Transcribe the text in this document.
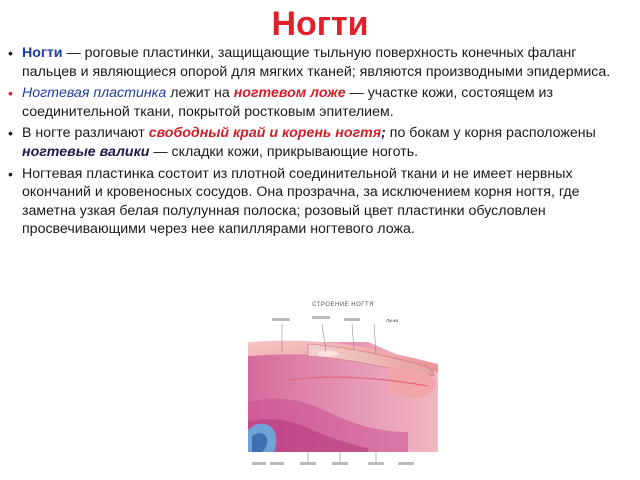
Ногти
• Ногти — роговые пластинки, защищающие тыльную поверхность конечных фаланг пальцев и являющиеся опорой для мягких тканей; являются производными эпидермиса.
• Ногтевая пластинка лежит на ногтевом ложе — участке кожи, состоящем из соединительной ткани, покрытой ростковым эпителием.
• В ногте различают свободный край и корень ногтя; по бокам у корня расположены ногтевые валики — складки кожи, прикрывающие ноготь.
• Ногтевая пластинка состоит из плотной соединительной ткани и не имеет нервных окончаний и кровеносных сосудов. Она прозрачна, за исключением корня ногтя, где заметна узкая белая полулунная полоска; розовый цвет пластинки обусловлен просвечивающими через нее капиллярами ногтевого ложа.
СТРОЕНИЕ НОГТЯ
Лунка
